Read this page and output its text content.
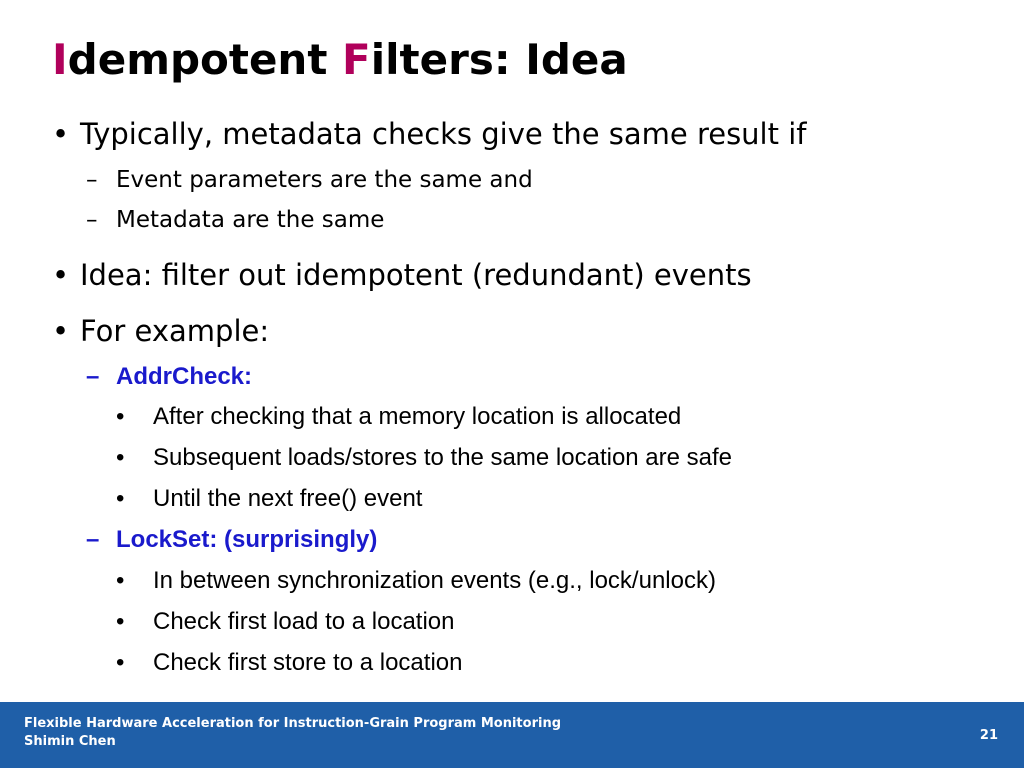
Idempotent Filters: Idea
• Typically, metadata checks give the same result if
– Event parameters are the same and
– Metadata are the same
• Idea: filter out idempotent (redundant) events
• For example:
– AddrCheck:
• After checking that a memory location is allocated
• Subsequent loads/stores to the same location are safe
• Until the next free() event
– LockSet: (surprisingly)
• In between synchronization events (e.g., lock/unlock)
• Check first load to a location
• Check first store to a location
Flexible Hardware Acceleration for Instruction-Grain Program Monitoring
Shimin Chen	21
